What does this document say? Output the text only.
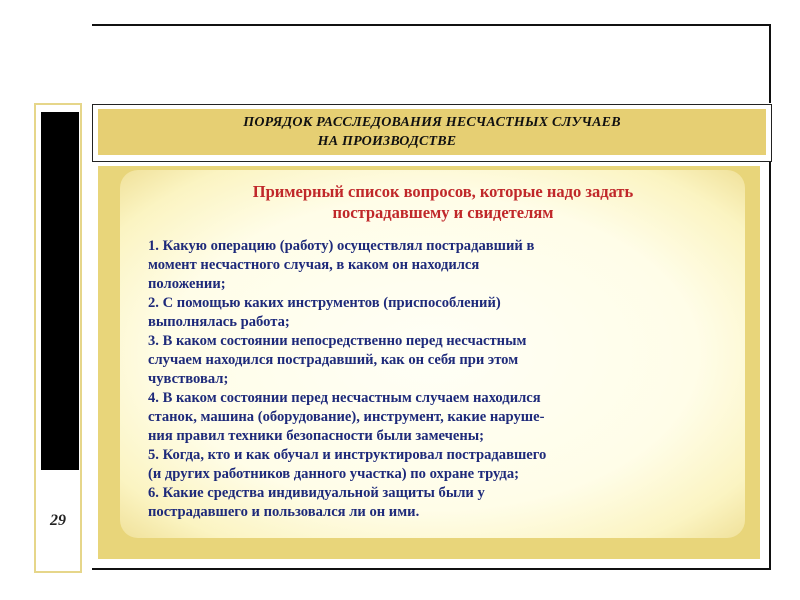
29
ПОРЯДОК РАССЛЕДОВАНИЯ НЕСЧАСТНЫХ СЛУЧАЕВ
НА ПРОИЗВОДСТВЕ
Примерный список вопросов, которые надо задать
пострадавшему и свидетелям
1. Какую операцию (работу) осуществлял пострадавший в
момент несчастного случая, в каком он находился
положении;
2. С помощью каких инструментов (приспособлений)
выполнялась работа;
3. В каком состоянии непосредственно перед несчастным
случаем находился пострадавший, как он себя при этом
чувствовал;
4. В каком состоянии перед несчастным случаем находился
станок, машина (оборудование), инструмент, какие наруше-
ния правил техники безопасности были замечены;
5. Когда, кто и как обучал и инструктировал пострадавшего
(и других работников данного участка) по охране труда;
6. Какие средства индивидуальной защиты были у
пострадавшего и пользовался ли он ими.
